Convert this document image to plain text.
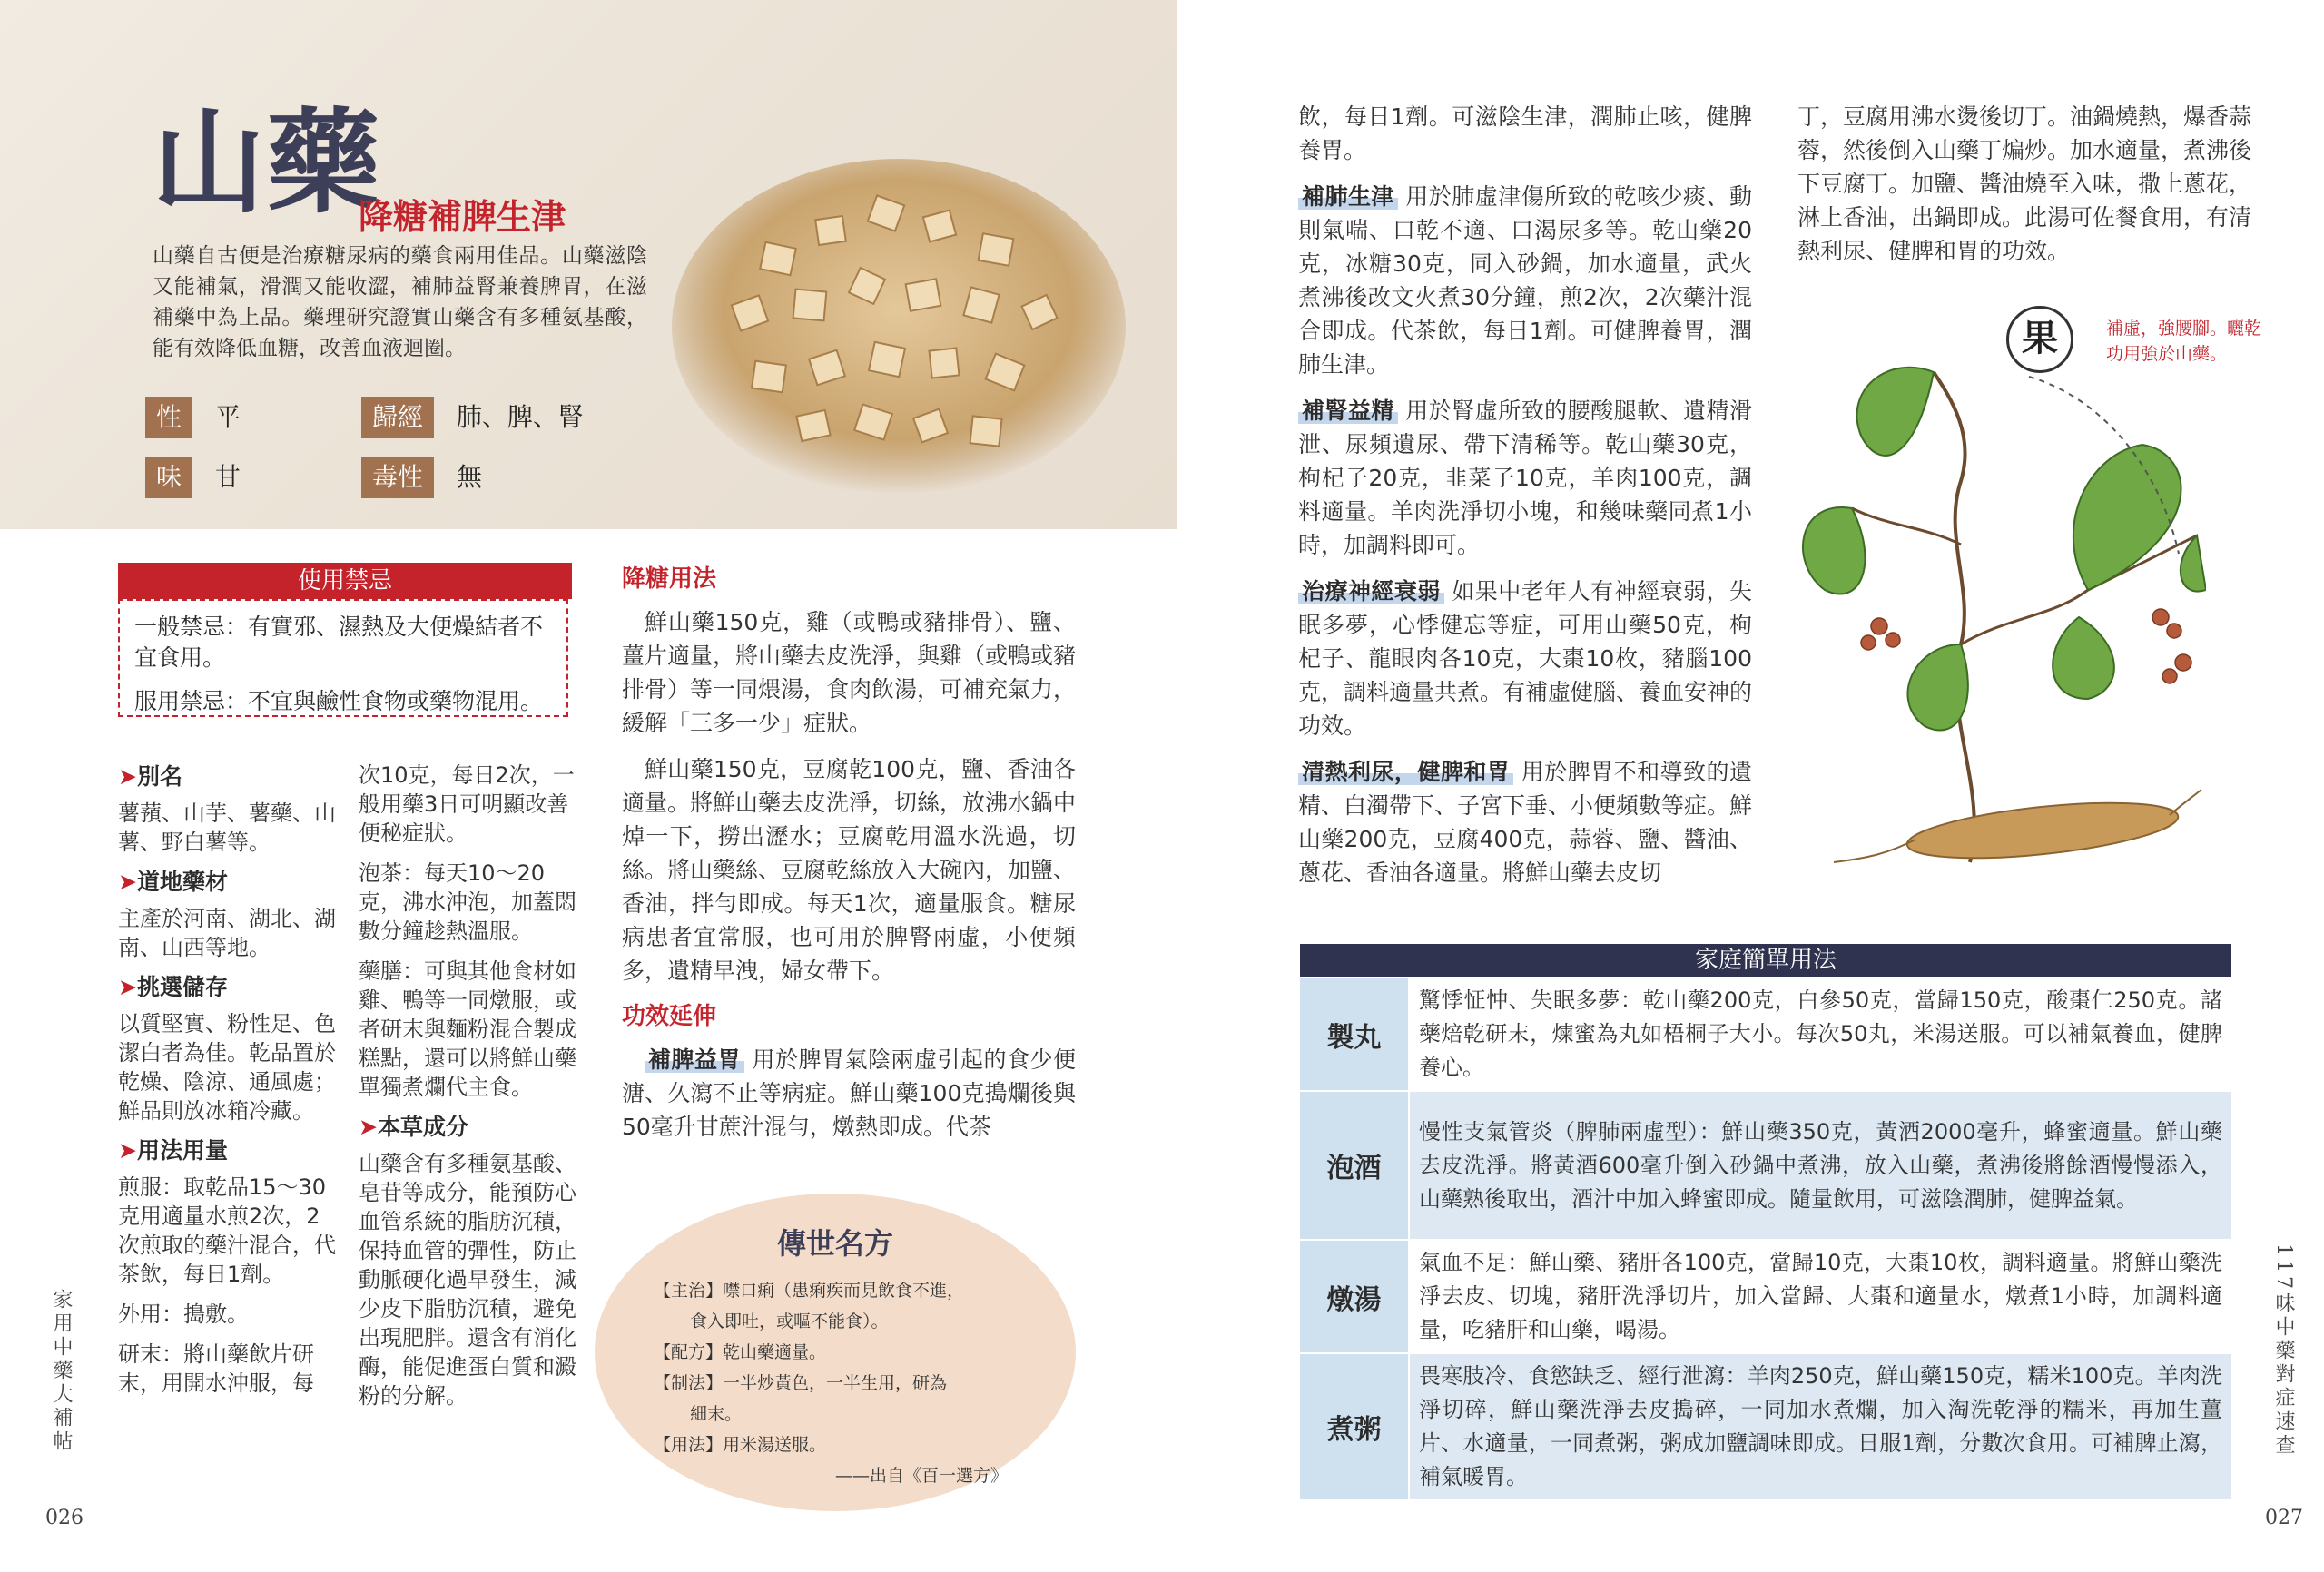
山藥
降糖補脾生津
山藥自古便是治療糖尿病的藥食兩用佳品。山藥滋陰又能補氣，滑潤又能收澀，補肺益腎兼養脾胃，在滋補藥中為上品。藥理研究證實山藥含有多種氨基酸，能有效降低血糖，改善血液迴圈。
性 平	歸經 肺、脾、腎
味 甘	毒性 無
使用禁忌
一般禁忌：有實邪、濕熱及大便燥結者不宜食用。
服用禁忌：不宜與鹼性食物或藥物混用。
➤別名

薯蕷、山芋、薯藥、山薯、野白薯等。

➤道地藥材

主產於河南、湖北、湖南、山西等地。

➤挑選儲存

以質堅實、粉性足、色潔白者為佳。乾品置於乾燥、陰涼、通風處；鮮品則放冰箱冷藏。

➤用法用量

煎服：取乾品15～30克用適量水煎2次，2次煎取的藥汁混合，代茶飲，每日1劑。

外用：搗敷。

研末：將山藥飲片研末，用開水沖服，每

次10克，每日2次，一般用藥3日可明顯改善便秘症狀。

泡茶：每天10～20克，沸水沖泡，加蓋悶數分鐘趁熱溫服。

藥膳：可與其他食材如雞、鴨等一同燉服，或者研末與麵粉混合製成糕點，還可以將鮮山藥單獨煮爛代主食。

➤本草成分

山藥含有多種氨基酸、皂苷等成分，能預防心血管系統的脂肪沉積，保持血管的彈性，防止動脈硬化過早發生，減少皮下脂肪沉積，避免出現肥胖。還含有消化酶，能促進蛋白質和澱粉的分解。

降糖用法

鮮山藥150克，雞（或鴨或豬排骨）、鹽、薑片適量，將山藥去皮洗淨，與雞（或鴨或豬排骨）等一同煨湯，食肉飲湯，可補充氣力，緩解「三多一少」症狀。

鮮山藥150克，豆腐乾100克，鹽、香油各適量。將鮮山藥去皮洗淨，切絲，放沸水鍋中焯一下，撈出瀝水；豆腐乾用溫水洗過，切絲。將山藥絲、豆腐乾絲放入大碗內，加鹽、香油，拌勻即成。每天1次，適量服食。糖尿病患者宜常服，也可用於脾腎兩虛，小便頻多，遺精早洩，婦女帶下。

功效延伸

補脾益胃 用於脾胃氣陰兩虛引起的食少便溏、久瀉不止等病症。鮮山藥100克搗爛後與50毫升甘蔗汁混勻，燉熱即成。代茶

傳世名方
【主治】噤口痢（患痢疾而見飲食不進，
食入即吐，或嘔不能食）。
【配方】乾山藥適量。
【制法】一半炒黃色，一半生用，研為
細末。
【用法】用米湯送服。
——出自《百一選方》
家用中藥大補帖
026

飲，每日1劑。可滋陰生津，潤肺止咳，健脾養胃。

補肺生津 用於肺虛津傷所致的乾咳少痰、動則氣喘、口乾不適、口渴尿多等。乾山藥20克，冰糖30克，同入砂鍋，加水適量，武火煮沸後改文火煮30分鐘，煎2次，2次藥汁混合即成。代茶飲，每日1劑。可健脾養胃，潤肺生津。

補腎益精 用於腎虛所致的腰酸腿軟、遺精滑泄、尿頻遺尿、帶下清稀等。乾山藥30克，枸杞子20克，韭菜子10克，羊肉100克，調料適量。羊肉洗淨切小塊，和幾味藥同煮1小時，加調料即可。

治療神經衰弱 如果中老年人有神經衰弱，失眠多夢，心悸健忘等症，可用山藥50克，枸杞子、龍眼肉各10克，大棗10枚，豬腦100克，調料適量共煮。有補虛健腦、養血安神的功效。

清熱利尿，健脾和胃 用於脾胃不和導致的遺精、白濁帶下、子宮下垂、小便頻數等症。鮮山藥200克，豆腐400克，蒜蓉、鹽、醬油、蔥花、香油各適量。將鮮山藥去皮切

丁，豆腐用沸水燙後切丁。油鍋燒熱，爆香蒜蓉，然後倒入山藥丁煸炒。加水適量，煮沸後下豆腐丁。加鹽、醬油燒至入味，撒上蔥花，淋上香油，出鍋即成。此湯可佐餐食用，有清熱利尿、健脾和胃的功效。

果	補虛，強腰腳。曬乾功用強於山藥。
家庭簡單用法	
製丸	驚悸怔忡、失眠多夢：乾山藥200克，白參50克，當歸150克，酸棗仁250克。諸藥焙乾研末，煉蜜為丸如梧桐子大小。每次50丸，米湯送服。可以補氣養血，健脾養心。
泡酒	慢性支氣管炎（脾肺兩虛型）：鮮山藥350克，黃酒2000毫升，蜂蜜適量。鮮山藥去皮洗淨。將黃酒600毫升倒入砂鍋中煮沸，放入山藥，煮沸後將餘酒慢慢添入，山藥熟後取出，酒汁中加入蜂蜜即成。隨量飲用，可滋陰潤肺，健脾益氣。
燉湯	氣血不足：鮮山藥、豬肝各100克，當歸10克，大棗10枚，調料適量。將鮮山藥洗淨去皮、切塊，豬肝洗淨切片，加入當歸、大棗和適量水，燉煮1小時，加調料適量，吃豬肝和山藥，喝湯。
煮粥	畏寒肢冷、食慾缺乏、經行泄瀉：羊肉250克，鮮山藥150克，糯米100克。羊肉洗淨切碎，鮮山藥洗淨去皮搗碎，一同加水煮爛，加入淘洗乾淨的糯米，再加生薑片、水適量，一同煮粥，粥成加鹽調味即成。日服1劑，分數次食用。可補脾止瀉，補氣暖胃。
117味中藥對症速查
027
